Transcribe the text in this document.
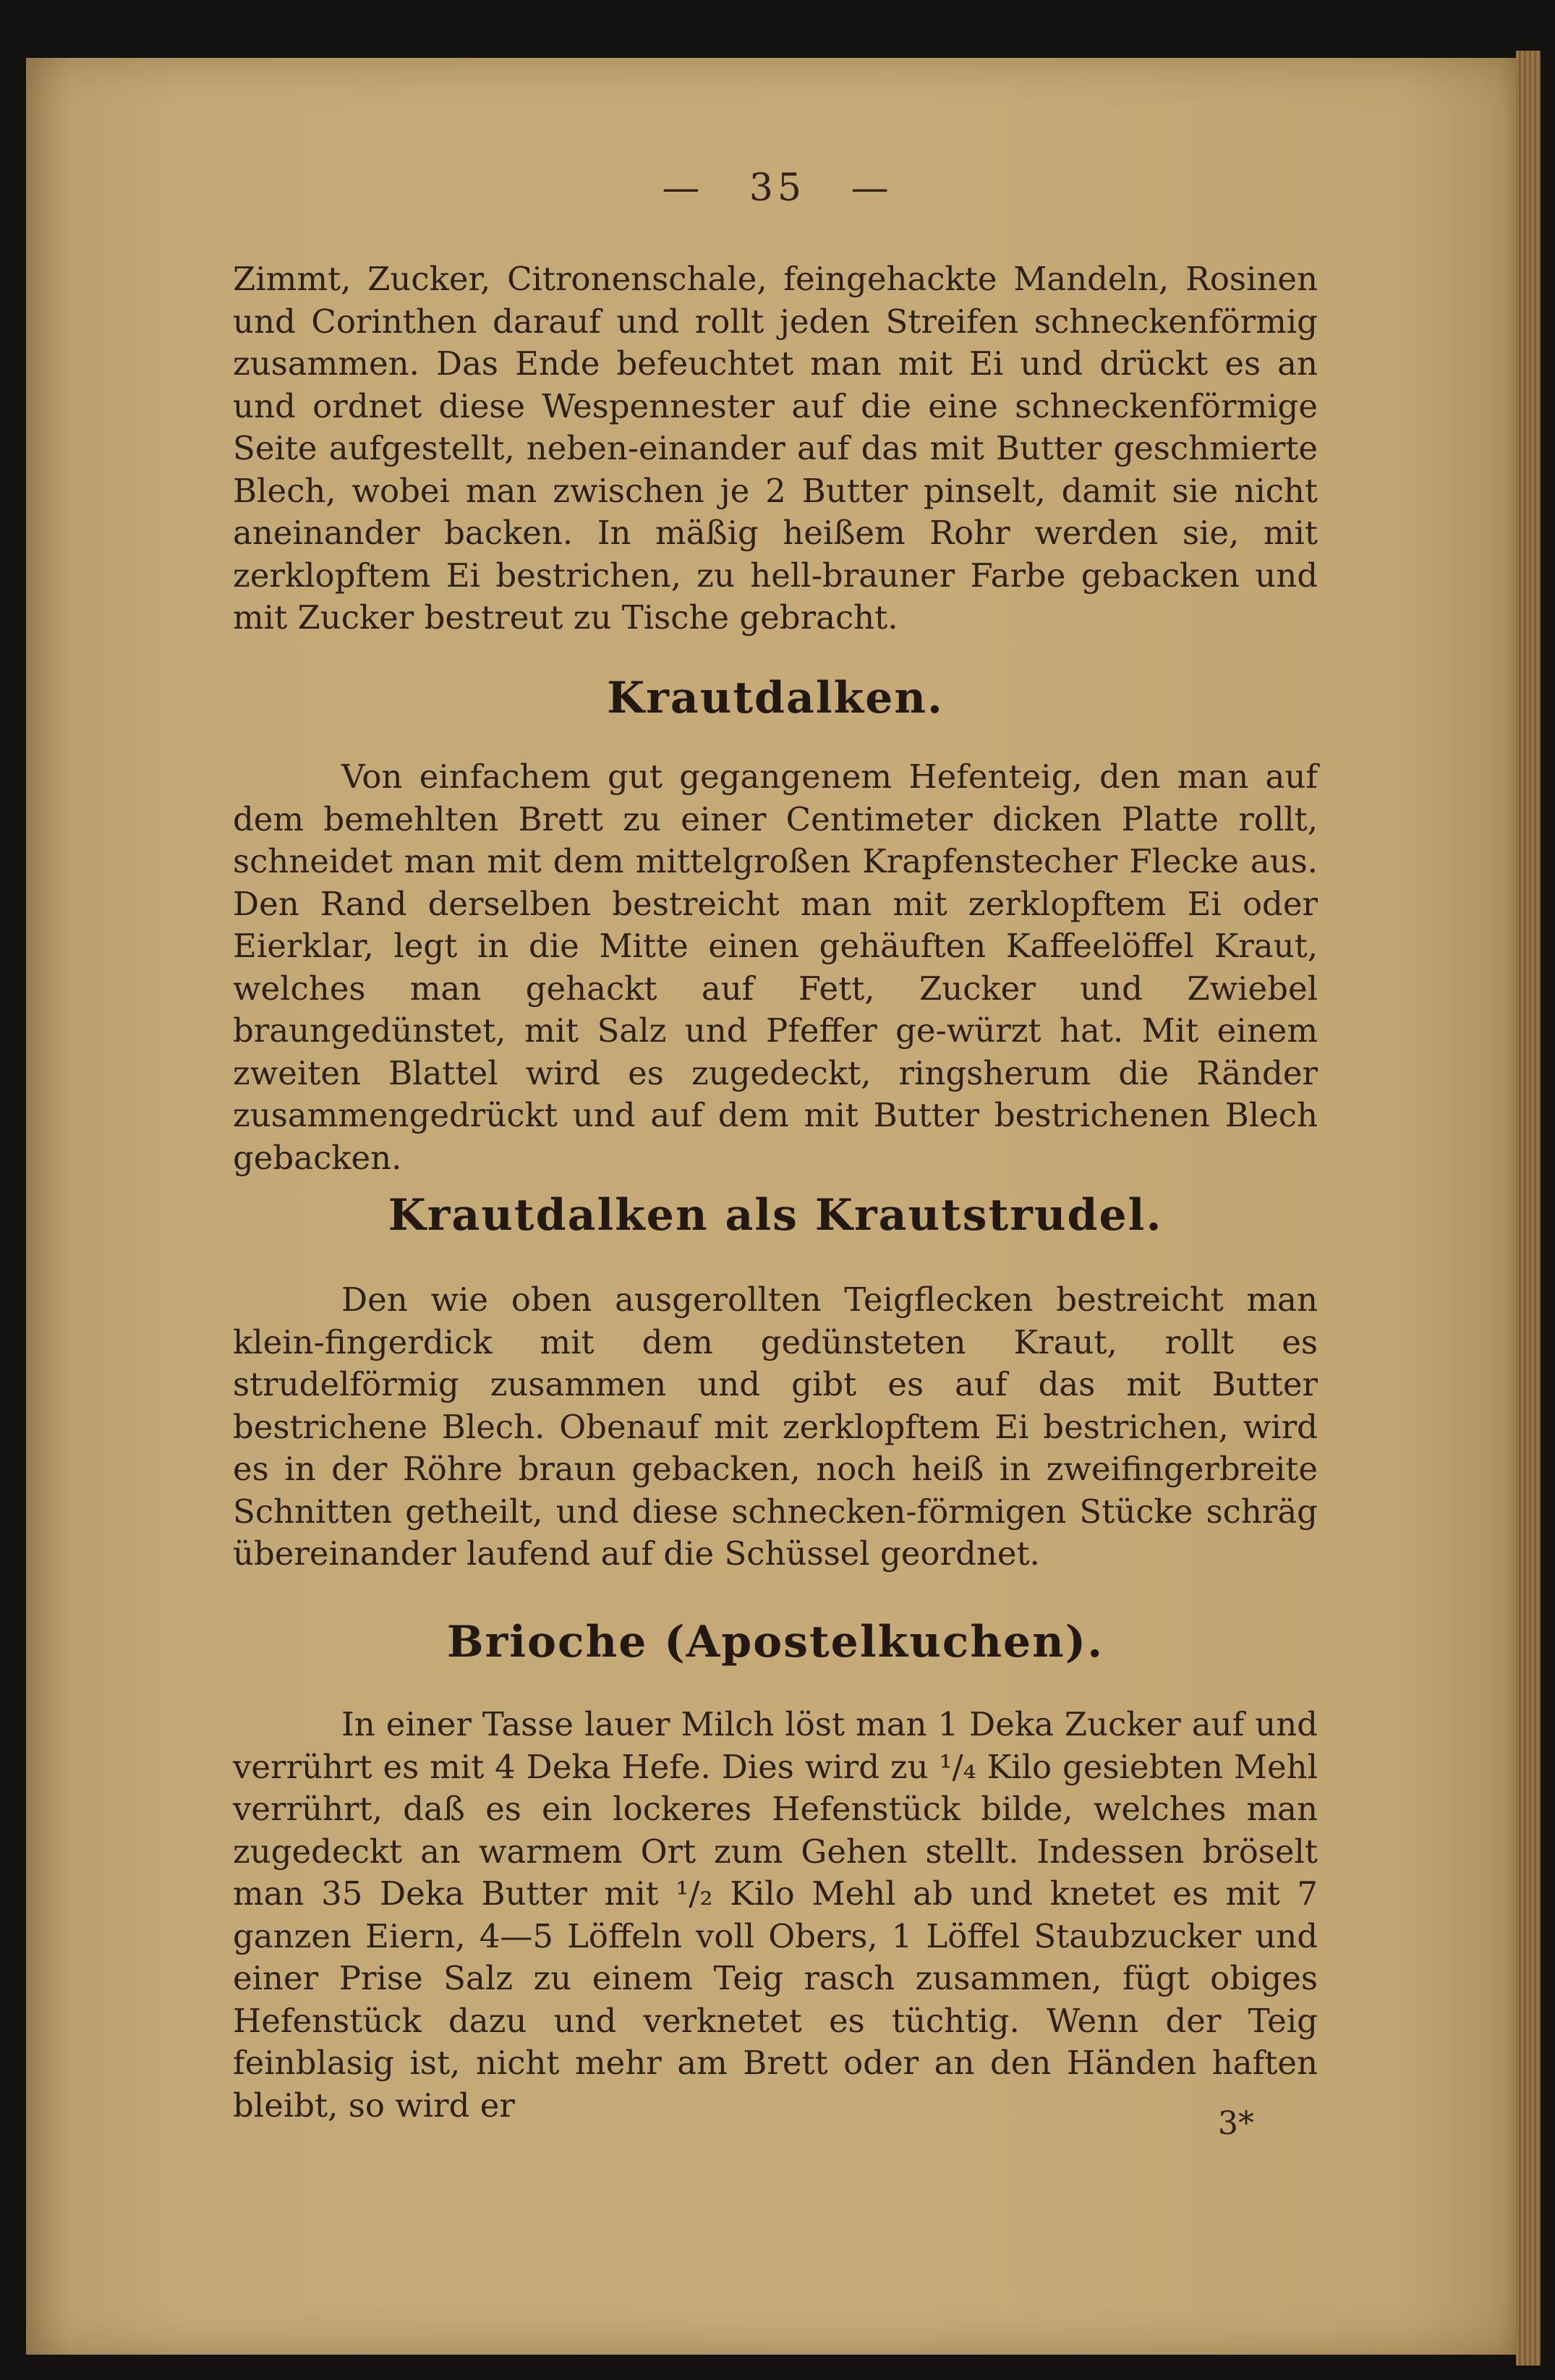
— 35 —

Zimmt, Zucker, Citronenschale, feingehackte Mandeln, Rosinen und Corinthen darauf und rollt jeden Streifen schneckenförmig zusammen. Das Ende befeuchtet man mit Ei und drückt es an und ordnet diese Wespennester auf die eine schneckenförmige Seite aufgestellt, neben-einander auf das mit Butter geschmierte Blech, wobei man zwischen je 2 Butter pinselt, damit sie nicht aneinander backen. In mäßig heißem Rohr werden sie, mit zerklopftem Ei bestrichen, zu hell-brauner Farbe gebacken und mit Zucker bestreut zu Tische gebracht.

Krautdalken.

Von einfachem gut gegangenem Hefenteig, den man auf dem bemehlten Brett zu einer Centimeter dicken Platte rollt, schneidet man mit dem mittelgroßen Krapfenstecher Flecke aus. Den Rand derselben bestreicht man mit zerklopftem Ei oder Eierklar, legt in die Mitte einen gehäuften Kaffeelöffel Kraut, welches man gehackt auf Fett, Zucker und Zwiebel braungedünstet, mit Salz und Pfeffer ge-würzt hat. Mit einem zweiten Blattel wird es zugedeckt, ringsherum die Ränder zusammengedrückt und auf dem mit Butter bestrichenen Blech gebacken.

Krautdalken als Krautstrudel.

Den wie oben ausgerollten Teigflecken bestreicht man klein-fingerdick mit dem gedünsteten Kraut, rollt es strudelförmig zusammen und gibt es auf das mit Butter bestrichene Blech. Obenauf mit zerklopftem Ei bestrichen, wird es in der Röhre braun gebacken, noch heiß in zweifingerbreite Schnitten getheilt, und diese schnecken-förmigen Stücke schräg übereinander laufend auf die Schüssel geordnet.

Brioche (Apostelkuchen).

In einer Tasse lauer Milch löst man 1 Deka Zucker auf und verrührt es mit 4 Deka Hefe. Dies wird zu ¹/₄ Kilo gesiebten Mehl verrührt, daß es ein lockeres Hefenstück bilde, welches man zugedeckt an warmem Ort zum Gehen stellt. Indessen bröselt man 35 Deka Butter mit ¹/₂ Kilo Mehl ab und knetet es mit 7 ganzen Eiern, 4—5 Löffeln voll Obers, 1 Löffel Staubzucker und einer Prise Salz zu einem Teig rasch zusammen, fügt obiges Hefenstück dazu und verknetet es tüchtig. Wenn der Teig feinblasig ist, nicht mehr am Brett oder an den Händen haften bleibt, so wird er	3*
